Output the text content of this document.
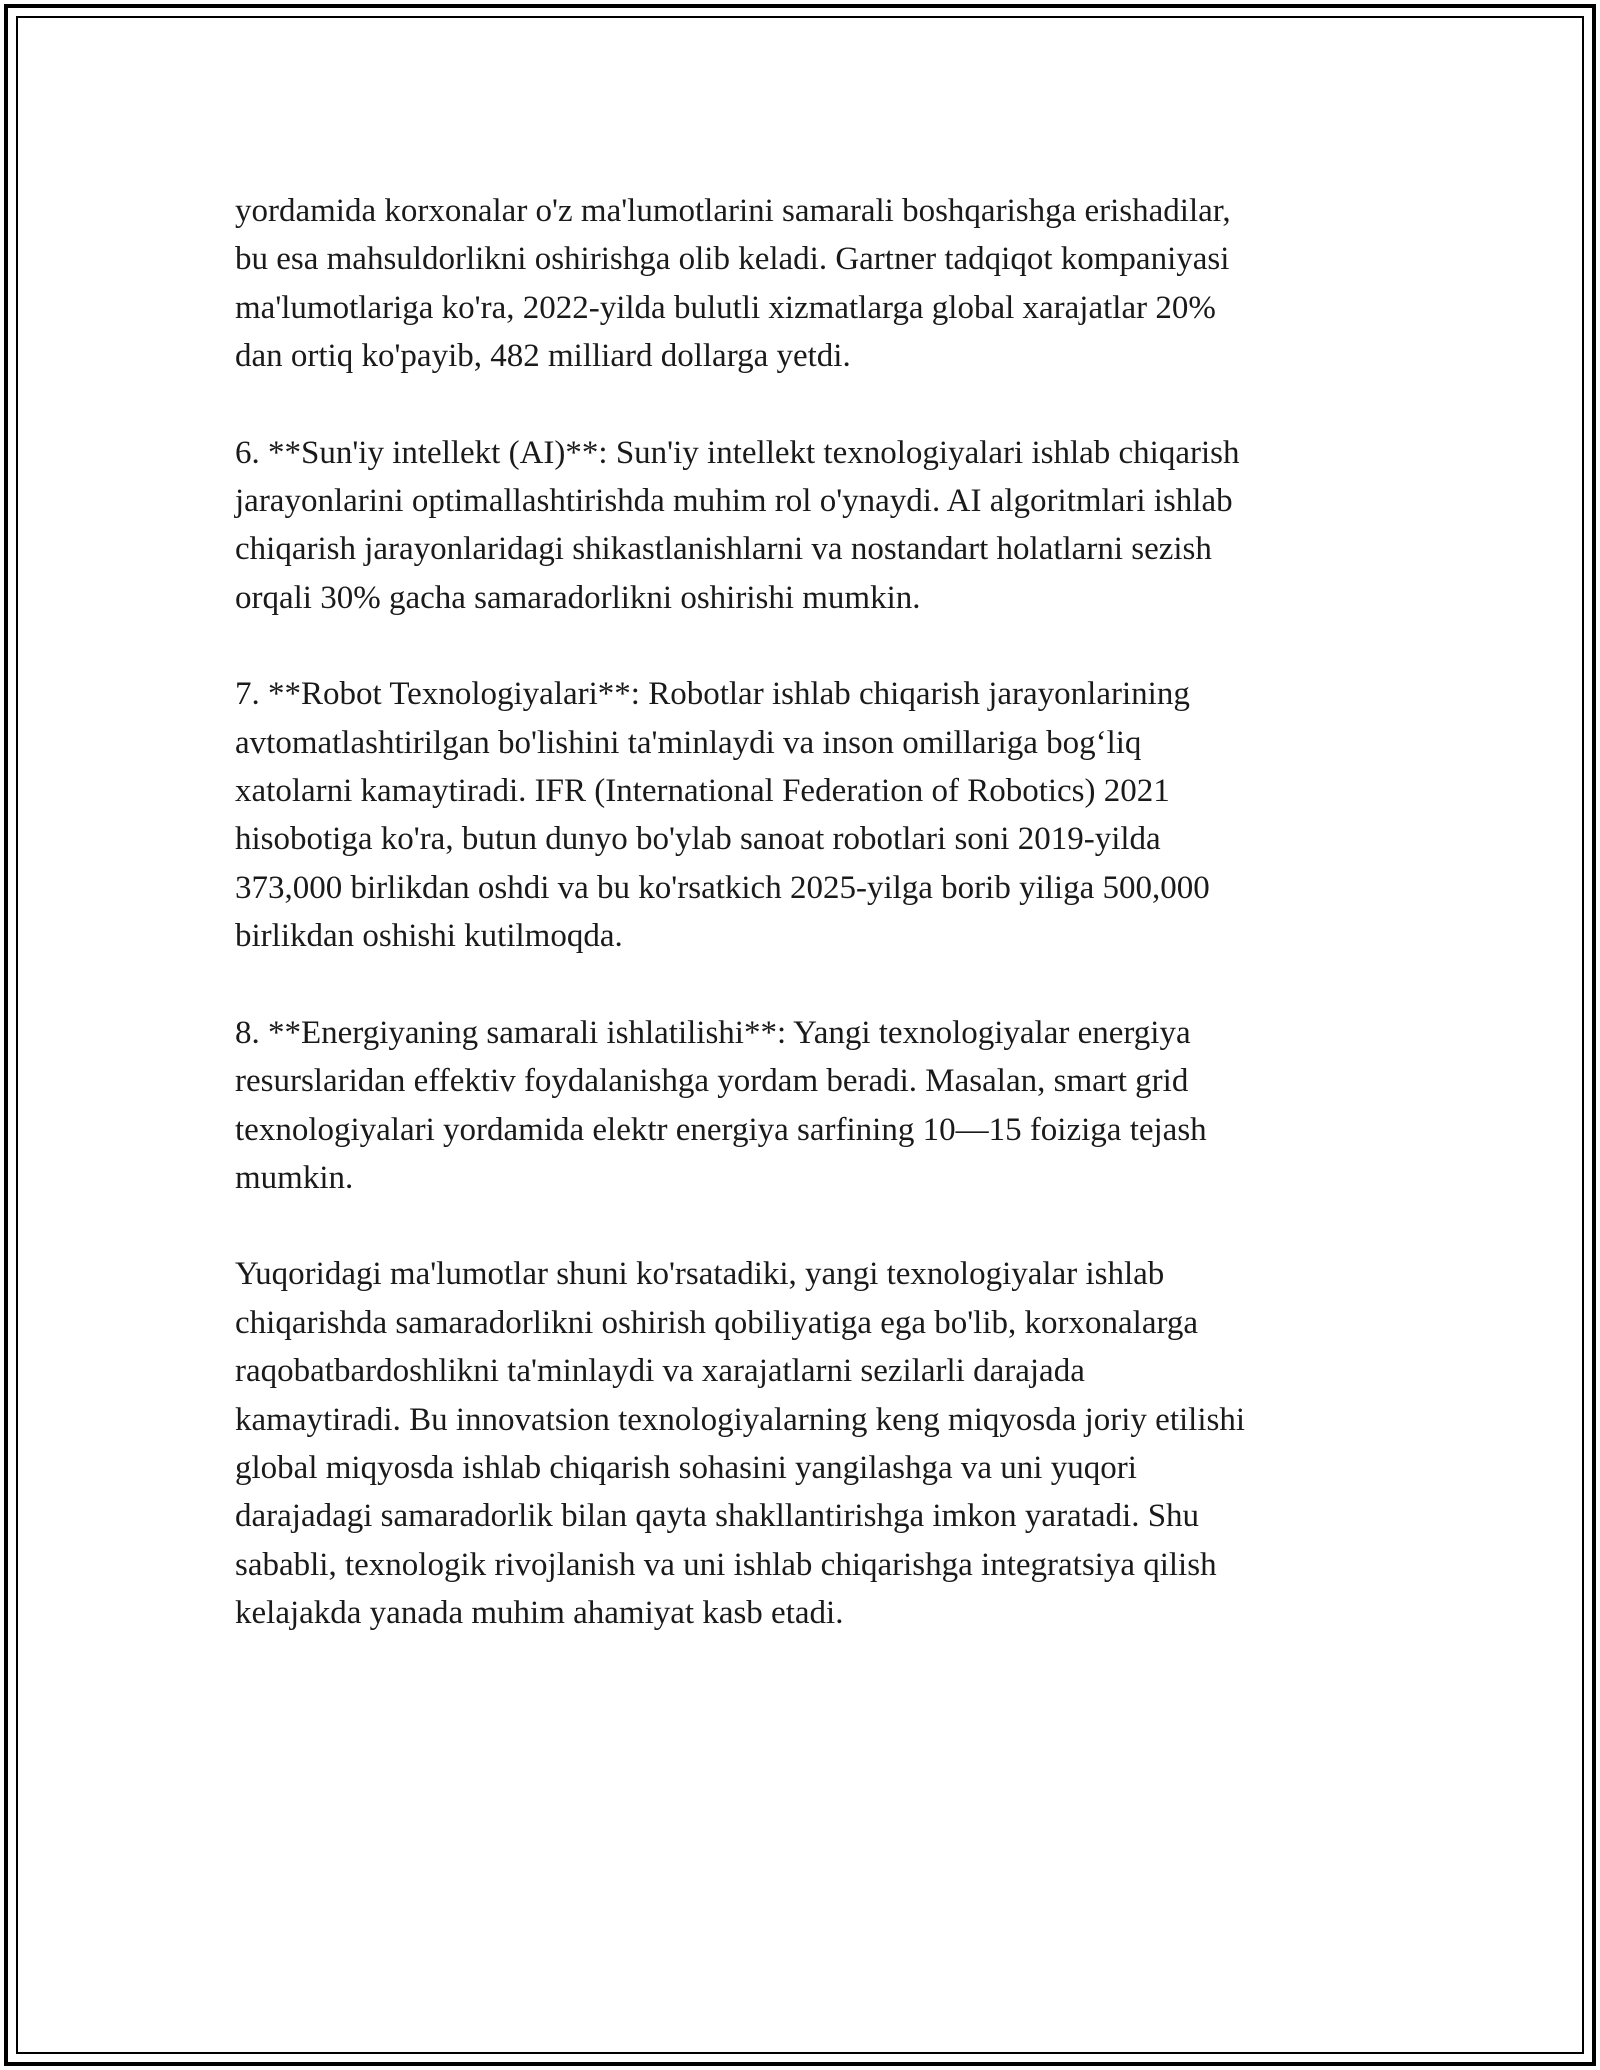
yordamida korxonalar o'z ma'lumotlarini samarali boshqarishga erishadilar,
bu esa mahsuldorlikni oshirishga olib keladi. Gartner tadqiqot kompaniyasi
ma'lumotlariga ko'ra, 2022-yilda bulutli xizmatlarga global xarajatlar 20%
dan ortiq ko'payib, 482 milliard dollarga yetdi.

6. **Sun'iy intellekt (AI)**: Sun'iy intellekt texnologiyalari ishlab chiqarish
jarayonlarini optimallashtirishda muhim rol o'ynaydi. AI algoritmlari ishlab
chiqarish jarayonlaridagi shikastlanishlarni va nostandart holatlarni sezish
orqali 30% gacha samaradorlikni oshirishi mumkin.

7. **Robot Texnologiyalari**: Robotlar ishlab chiqarish jarayonlarining
avtomatlashtirilgan bo'lishini ta'minlaydi va inson omillariga bog‘liq
xatolarni kamaytiradi. IFR (International Federation of Robotics) 2021
hisobotiga ko'ra, butun dunyo bo'ylab sanoat robotlari soni 2019-yilda
373,000 birlikdan oshdi va bu ko'rsatkich 2025-yilga borib yiliga 500,000
birlikdan oshishi kutilmoqda.

8. **Energiyaning samarali ishlatilishi**: Yangi texnologiyalar energiya
resurslaridan effektiv foydalanishga yordam beradi. Masalan, smart grid
texnologiyalari yordamida elektr energiya sarfining 10—15 foiziga tejash
mumkin.

Yuqoridagi ma'lumotlar shuni ko'rsatadiki, yangi texnologiyalar ishlab
chiqarishda samaradorlikni oshirish qobiliyatiga ega bo'lib, korxonalarga
raqobatbardoshlikni ta'minlaydi va xarajatlarni sezilarli darajada
kamaytiradi. Bu innovatsion texnologiyalarning keng miqyosda joriy etilishi
global miqyosda ishlab chiqarish sohasini yangilashga va uni yuqori
darajadagi samaradorlik bilan qayta shakllantirishga imkon yaratadi. Shu
sababli, texnologik rivojlanish va uni ishlab chiqarishga integratsiya qilish
kelajakda yanada muhim ahamiyat kasb etadi.
